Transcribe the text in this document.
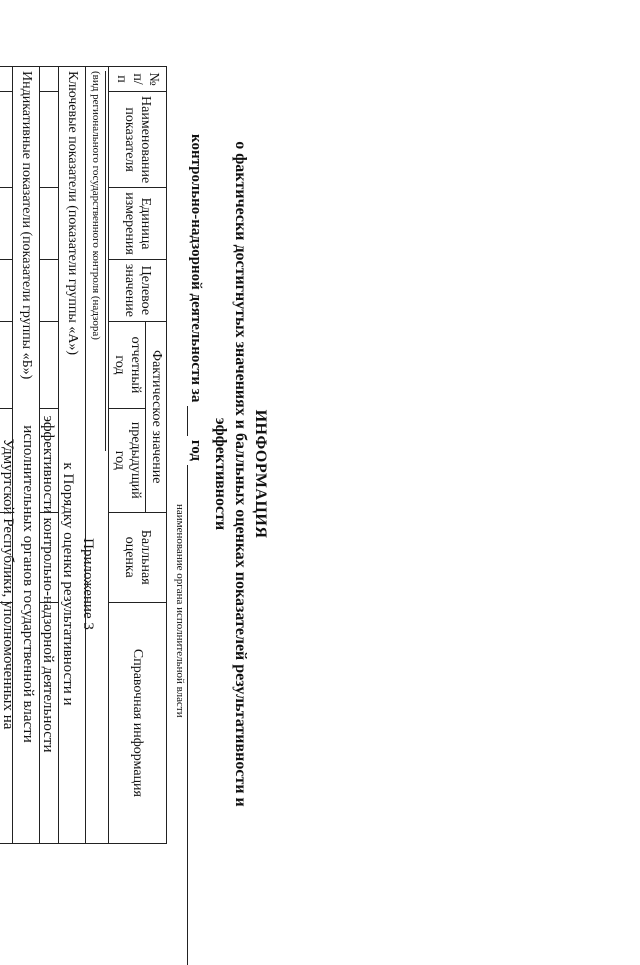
Приложение 3
к Порядку оценки результативности и
эффективности контрольно-надзорной деятельности
исполнительных органов государственной власти
Удмуртской Республики, уполномоченных на	ИНФОРМАЦИЯ
о фактически достигнутых значениях и балльных оценках показателей результативности и эффективности
контрольно-надзорной деятельности за  год
наименование органа исполнительной власти
№ п/п	Наименование показателя	Единица измерения	Целевое значение	Фактическое значение		Балльная оценка	Справочная информация
				отчетный год	предыдущий год		
(вид регионального государственного контроля (надзора)							
Ключевые показатели (показатели группы «А»)							

Индикативные показатели (показатели группы «Б»)							
